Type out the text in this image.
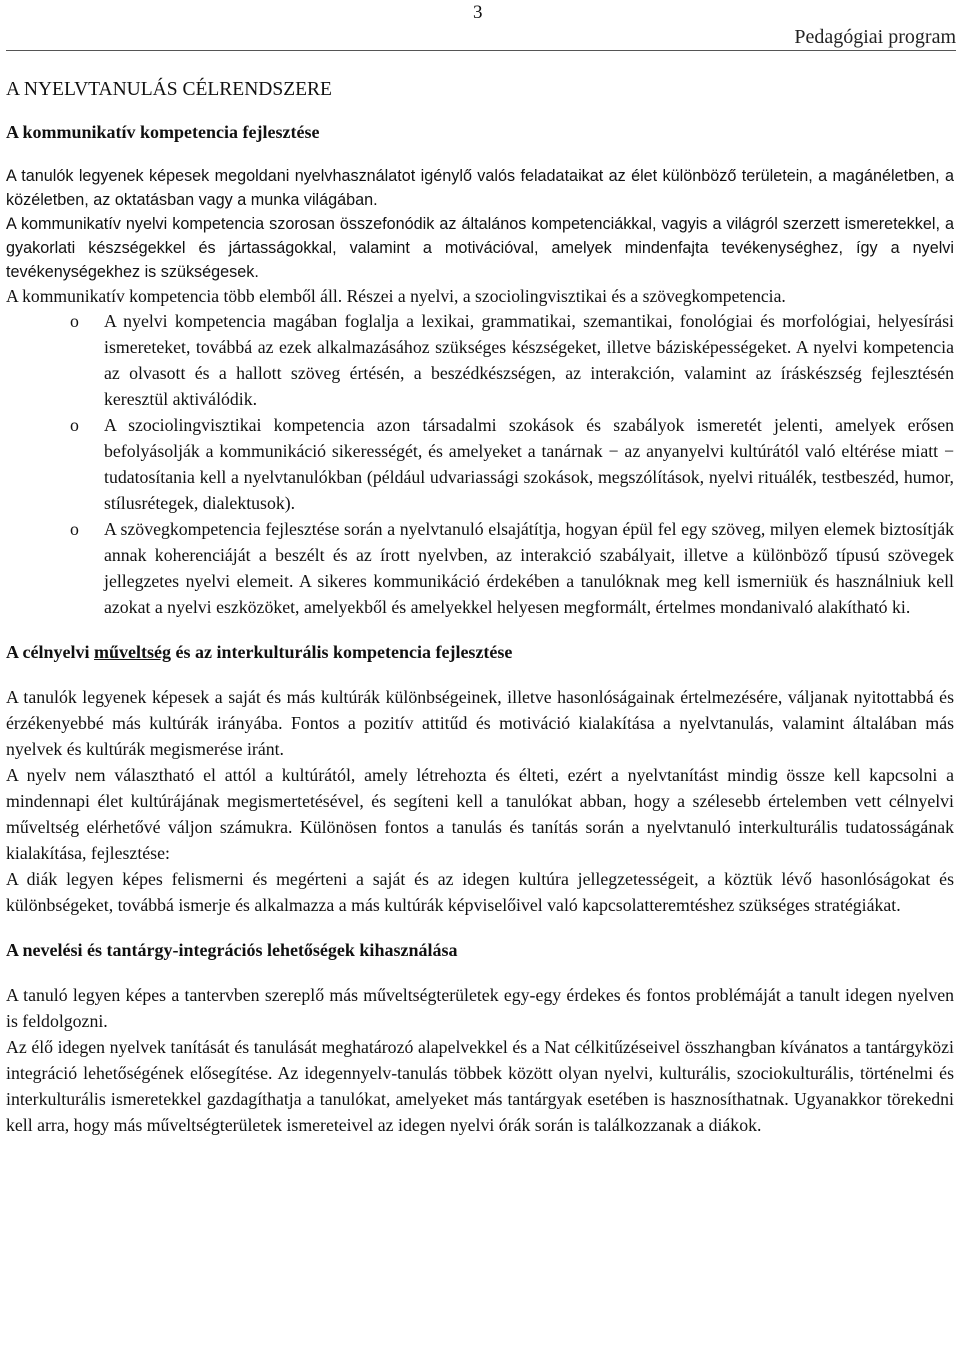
3
Pedagógiai program
A NYELVTANULÁS CÉLRENDSZERE
A kommunikatív kompetencia fejlesztése

A tanulók legyenek képesek megoldani nyelvhasználatot igénylő valós feladataikat az élet különböző területein, a magánéletben, a közéletben, az oktatásban vagy a munka világában.

A kommunikatív nyelvi kompetencia szorosan összefonódik az általános kompetenciákkal, vagyis a világról szerzett ismeretekkel, a gyakorlati készségekkel és jártasságokkal, valamint a motivációval, amelyek mindenfajta tevékenységhez, így a nyelvi tevékenységekhez is szükségesek.

A kommunikatív kompetencia több elemből áll. Részei a nyelvi, a szociolingvisztikai és a szövegkompetencia.

o A nyelvi kompetencia magában foglalja a lexikai, grammatikai, szemantikai, fonológiai és morfológiai, helyesírási ismereteket, továbbá az ezek alkalmazásához szükséges készségeket, illetve bázisképességeket. A nyelvi kompetencia az olvasott és a hallott szöveg értésén, a beszédkészségen, az interakción, valamint az íráskészség fejlesztésén keresztül aktiválódik.
o A szociolingvisztikai kompetencia azon társadalmi szokások és szabályok ismeretét jelenti, amelyek erősen befolyásolják a kommunikáció sikerességét, és amelyeket a tanárnak − az anyanyelvi kultúrától való eltérése miatt − tudatosítania kell a nyelvtanulókban (például udvariassági szokások, megszólítások, nyelvi rituálék, testbeszéd, humor, stílusrétegek, dialektusok).
o A szövegkompetencia fejlesztése során a nyelvtanuló elsajátítja, hogyan épül fel egy szöveg, milyen elemek biztosítják annak koherenciáját a beszélt és az írott nyelvben, az interakció szabályait, illetve a különböző típusú szövegek jellegzetes nyelvi elemeit. A sikeres kommunikáció érdekében a tanulóknak meg kell ismerniük és használniuk kell azokat a nyelvi eszközöket, amelyekből és amelyekkel helyesen megformált, értelmes mondanivaló alakítható ki.
A célnyelvi műveltség és az interkulturális kompetencia fejlesztése

A tanulók legyenek képesek a saját és más kultúrák különbségeinek, illetve hasonlóságainak értelmezésére, váljanak nyitottabbá és érzékenyebbé más kultúrák irányába. Fontos a pozitív attitűd és motiváció kialakítása a nyelvtanulás, valamint általában más nyelvek és kultúrák megismerése iránt.

A nyelv nem választható el attól a kultúrától, amely létrehozta és élteti, ezért a nyelvtanítást mindig össze kell kapcsolni a mindennapi élet kultúrájának megismertetésével, és segíteni kell a tanulókat abban, hogy a szélesebb értelemben vett célnyelvi műveltség elérhetővé váljon számukra. Különösen fontos a tanulás és tanítás során a nyelvtanuló interkulturális tudatosságának kialakítása, fejlesztése:

A diák legyen képes felismerni és megérteni a saját és az idegen kultúra jellegzetességeit, a köztük lévő hasonlóságokat és különbségeket, továbbá ismerje és alkalmazza a más kultúrák képviselőivel való kapcsolatteremtéshez szükséges stratégiákat.

A nevelési és tantárgy-integrációs lehetőségek kihasználása

A tanuló legyen képes a tantervben szereplő más műveltségterületek egy-egy érdekes és fontos problémáját a tanult idegen nyelven is feldolgozni.

Az élő idegen nyelvek tanítását és tanulását meghatározó alapelvekkel és a Nat célkitűzéseivel összhangban kívánatos a tantárgyközi integráció lehetőségének elősegítése. Az idegennyelv-tanulás többek között olyan nyelvi, kulturális, szociokulturális, történelmi és interkulturális ismeretekkel gazdagíthatja a tanulókat, amelyeket más tantárgyak esetében is hasznosíthatnak. Ugyanakkor törekedni kell arra, hogy más műveltségterületek ismereteivel az idegen nyelvi órák során is találkozzanak a diákok.
